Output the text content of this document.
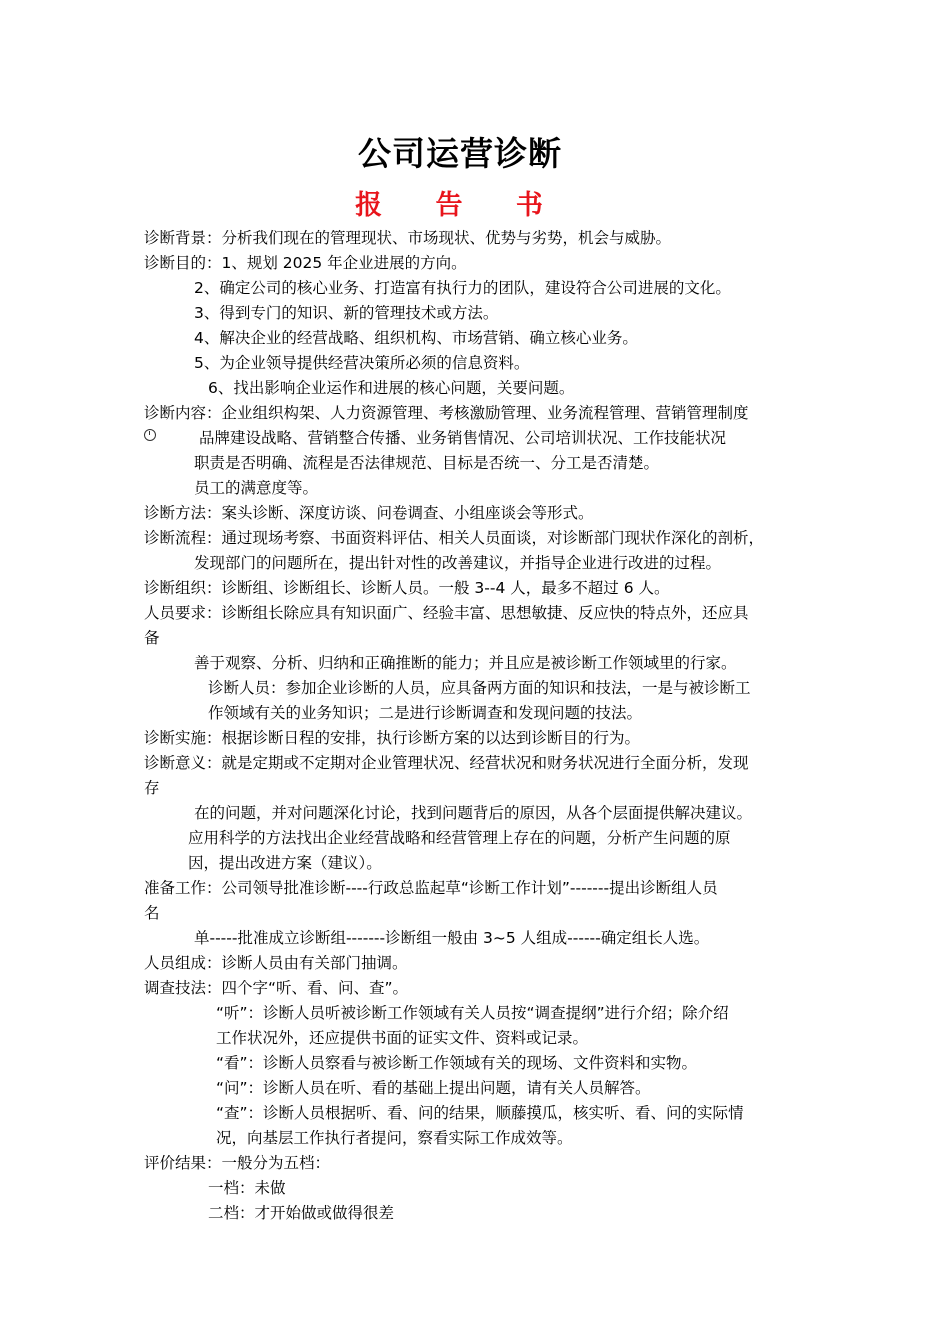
公司运营诊断
报 告 书
诊断背景：分析我们现在的管理现状、市场现状、优势与劣势，机会与威胁。
诊断目的：1、规划 2025 年企业进展的方向。
2、确定公司的核心业务、打造富有执行力的团队，建设符合公司进展的文化。
3、得到专门的知识、新的管理技术或方法。
4、解决企业的经营战略、组织机构、市场营销、确立核心业务。
5、为企业领导提供经营决策所必须的信息资料。
6、找出影响企业运作和进展的核心问题，关要问题。
诊断内容：企业组织构架、人力资源管理、考核激励管理、业务流程管理、营销管理制度
品牌建设战略、营销整合传播、业务销售情况、公司培训状况、工作技能状况
职责是否明确、流程是否法律规范、目标是否统一、分工是否清楚。
员工的满意度等。
诊断方法：案头诊断、深度访谈、问卷调查、小组座谈会等形式。
诊断流程：通过现场考察、书面资料评估、相关人员面谈，对诊断部门现状作深化的剖析，
发现部门的问题所在，提出针对性的改善建议，并指导企业进行改进的过程。
诊断组织：诊断组、诊断组长、诊断人员。一般 3--4 人，最多不超过 6 人。
人员要求：诊断组长除应具有知识面广、经验丰富、思想敏捷、反应快的特点外，还应具
备
善于观察、分析、归纳和正确推断的能力；并且应是被诊断工作领域里的行家。
诊断人员：参加企业诊断的人员，应具备两方面的知识和技法，一是与被诊断工
作领域有关的业务知识；二是进行诊断调查和发现问题的技法。
诊断实施：根据诊断日程的安排，执行诊断方案的以达到诊断目的行为。
诊断意义：就是定期或不定期对企业管理状况、经营状况和财务状况进行全面分析，发现
存
在的问题，并对问题深化讨论，找到问题背后的原因，从各个层面提供解决建议。
应用科学的方法找出企业经营战略和经营管理上存在的问题，分析产生问题的原
因，提出改进方案（建议）。
准备工作：公司领导批准诊断----行政总监起草“诊断工作计划”-------提出诊断组人员
名
单-----批准成立诊断组-------诊断组一般由 3~5 人组成------确定组长人选。
人员组成：诊断人员由有关部门抽调。
调查技法：四个字“听、看、问、查”。
“听”：诊断人员听被诊断工作领域有关人员按“调查提纲”进行介绍；除介绍
工作状况外，还应提供书面的证实文件、资料或记录。
“看”：诊断人员察看与被诊断工作领域有关的现场、文件资料和实物。
“问”：诊断人员在听、看的基础上提出问题，请有关人员解答。
“查”：诊断人员根据听、看、问的结果，顺藤摸瓜，核实听、看、问的实际情
况，向基层工作执行者提问，察看实际工作成效等。
评价结果：一般分为五档：
一档：未做
二档：才开始做或做得很差
